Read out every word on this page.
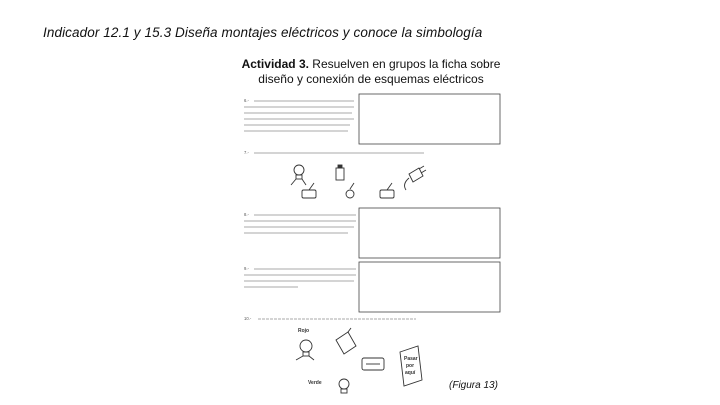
Indicador 12.1 y 15.3 Diseña montajes eléctricos y conoce la simbología
Actividad 3. Resuelven en grupos la ficha sobre
diseño y conexión de esquemas eléctricos
6.-
7.-
8.-
9.-
10.-
Rojo
Verde
Pasar
por
aquí
(Figura 13)
